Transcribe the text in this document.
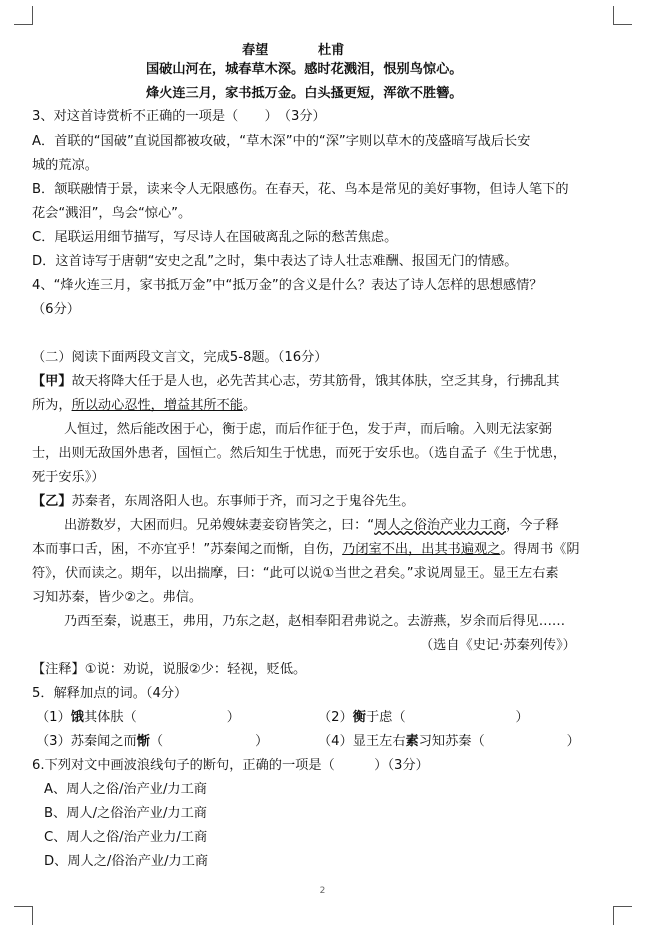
春望	杜甫
国破山河在，城春草木深。感时花溅泪，恨别鸟惊心。
烽火连三月，家书抵万金。白头搔更短，浑欲不胜簪。
3、对这首诗赏析不正确的一项是（　　）　（3分）
A．首联的“国破”直说国都被攻破，“草木深”中的“深”字则以草木的茂盛暗写战后长安
城的荒凉。
B．颔联融情于景，读来令人无限感伤。在春天，花、鸟本是常见的美好事物，但诗人笔下的
花会“溅泪”，鸟会“惊心”。
C．尾联运用细节描写，写尽诗人在国破离乱之际的愁苦焦虑。
D．这首诗写于唐朝“安史之乱”之时，集中表达了诗人壮志难酬、报国无门的情感。
4、“烽火连三月，家书抵万金”中“抵万金”的含义是什么？表达了诗人怎样的思想感情？
（6分）
（二）阅读下面两段文言文，完成5-8题。（16分）
【甲】故天将降大任于是人也，必先苦其心志，劳其筋骨，饿其体肤，空乏其身，行拂乱其
所为，所以动心忍性，增益其所不能。
人恒过，然后能改困于心，衡于虑，而后作征于色，发于声，而后喻。入则无法家弼
士，出则无敌国外患者，国恒亡。然后知生于忧患，而死于安乐也。（选自孟子《生于忧患，
死于安乐》）
【乙】苏秦者，东周洛阳人也。东事师于齐，而习之于鬼谷先生。
出游数岁，大困而归。兄弟嫂妹妻妾窃皆笑之，曰：“周人之俗治产业力工商，今子释
本而事口舌，困，不亦宜乎！”苏秦闻之而惭，自伤，乃闭室不出，出其书遍观之。得周书《阴
符》，伏而读之。期年，以出揣摩，曰：“此可以说①当世之君矣。”求说周显王。显王左右素
习知苏秦，皆少②之。弗信。
乃西至秦，说惠王，弗用，乃东之赵，赵相奉阳君弗说之。去游燕，岁余而后得见……
（选自《史记·苏秦列传》）
【注释】①说：劝说，说服②少：轻视，贬低。
5．解释加点的词。（4分）
（1）饿其体肤（	）	（2）衡于虑（	）
（3）苏秦闻之而惭（	）	（4）显王左右素习知苏秦（	）
6.下列对文中画波浪线句子的断句，正确的一项是（　　　）（3分）
A、周人之俗/治产业/力工商
B、周人/之俗治产业/力工商
C、周人之俗/治产业力/工商
D、周人之/俗治产业/力工商
2
